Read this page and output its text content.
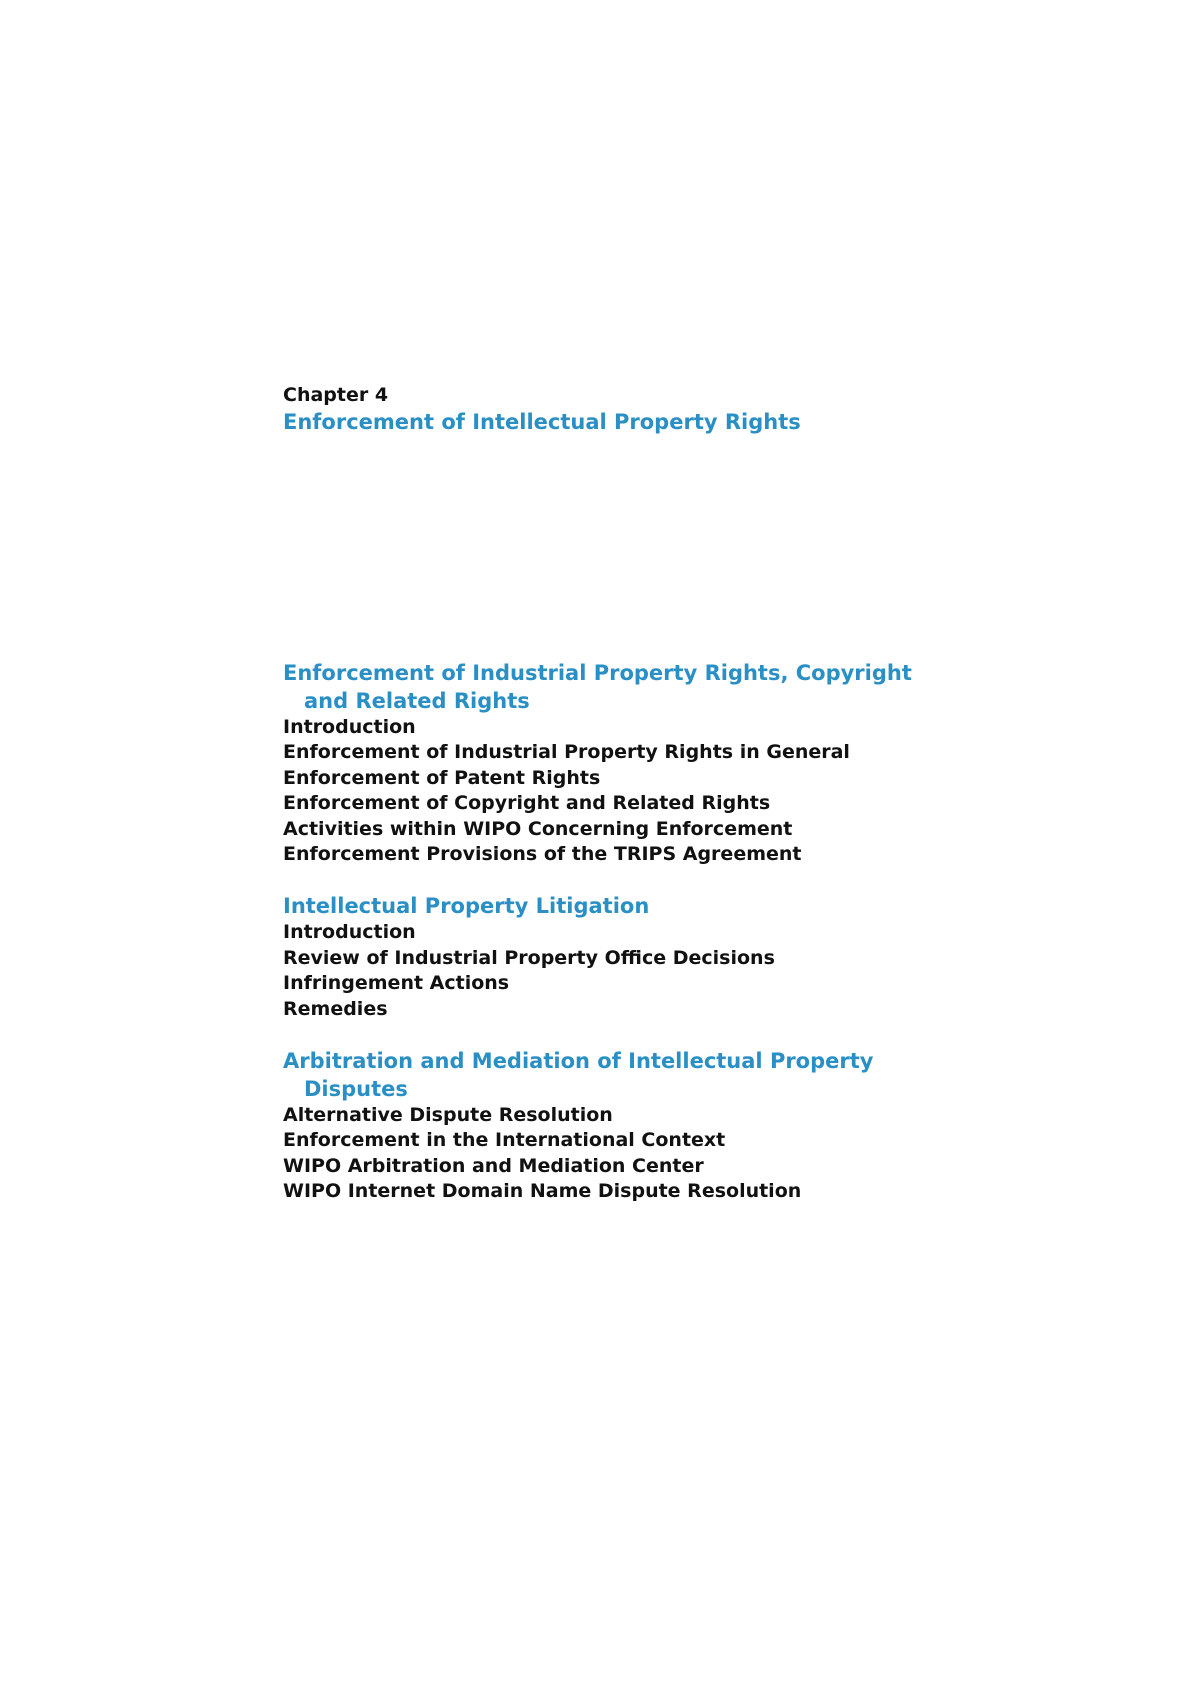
Chapter 4

Enforcement of Intellectual Property Rights

Enforcement of Industrial Property Rights, Copyright and Related Rights

Introduction

Enforcement of Industrial Property Rights in General

Enforcement of Patent Rights

Enforcement of Copyright and Related Rights

Activities within WIPO Concerning Enforcement

Enforcement Provisions of the TRIPS Agreement

Intellectual Property Litigation

Introduction

Review of Industrial Property Office Decisions

Infringement Actions

Remedies

Arbitration and Mediation of Intellectual Property Disputes

Alternative Dispute Resolution

Enforcement in the International Context

WIPO Arbitration and Mediation Center

WIPO Internet Domain Name Dispute Resolution
